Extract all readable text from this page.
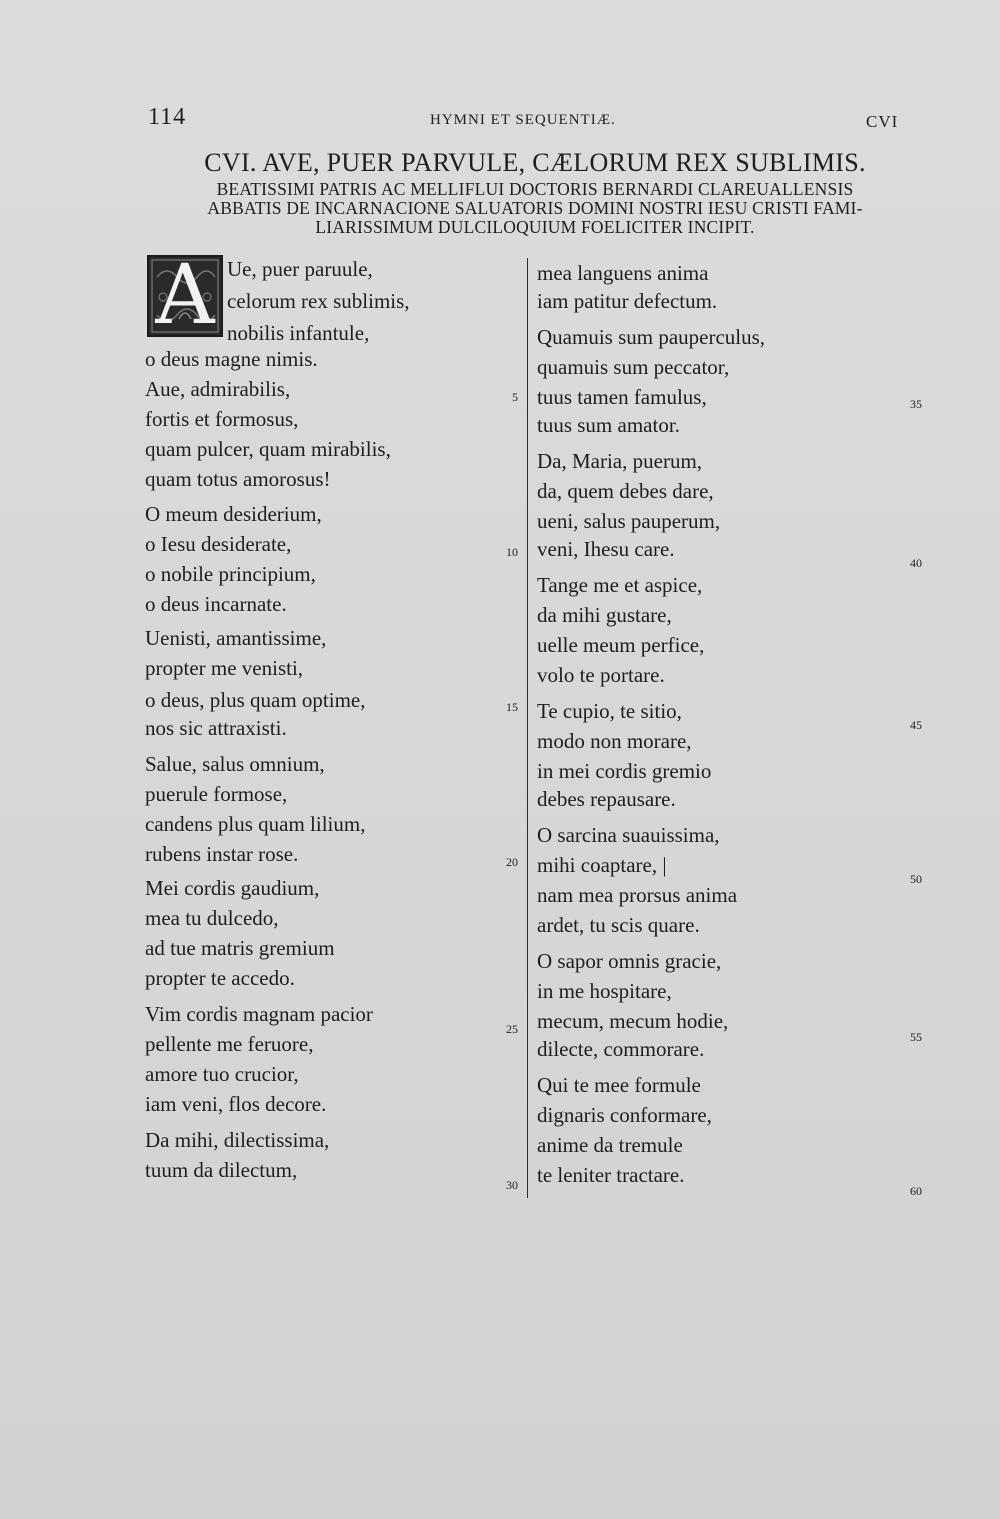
114	HYMNI ET SEQUENTIÆ.	CVI
CVI. AVE, PUER PARVULE, CÆLORUM REX SUBLIMIS.
BEATISSIMI PATRIS AC MELLIFLUI DOCTORIS BERNARDI CLAREUALLENSIS
ABBATIS DE INCARNACIONE SALUATORIS DOMINI NOSTRI IESU CRISTI FAMI-
LIARISSIMUM DULCILOQUIUM FOELICITER INCIPIT.
A Ue, puer paruule,
celorum rex sublimis,
nobilis infantule,
o deus magne nimis.
Aue, admirabilis,
fortis et formosus,
quam pulcer, quam mirabilis,
quam totus amorosus!
O meum desiderium,
o Iesu desiderate,
o nobile principium,
o deus incarnate.
Uenisti, amantissime,
propter me venisti,
o deus, plus quam optime,
nos sic attraxisti.
Salue, salus omnium,
puerule formose,
candens plus quam lilium,
rubens instar rose.
Mei cordis gaudium,
mea tu dulcedo,
ad tue matris gremium
propter te accedo.
Vim cordis magnam pacior
pellente me feruore,
amore tuo crucior,
iam veni, flos decore.
Da mihi, dilectissima,
tuum da dilectum,
mea languens anima
iam patitur defectum.
Quamuis sum pauperculus,
quamuis sum peccator,
tuus tamen famulus,
tuus sum amator.
Da, Maria, puerum,
da, quem debes dare,
ueni, salus pauperum,
veni, Ihesu care.
Tange me et aspice,
da mihi gustare,
uelle meum perfice,
volo te portare.
Te cupio, te sitio,
modo non morare,
in mei cordis gremio
debes repausare.
O sarcina suauissima,
mihi coaptare, |
nam mea prorsus anima
ardet, tu scis quare.
O sapor omnis gracie,
in me hospitare,
mecum, mecum hodie,
dilecte, commorare.
Qui te mee formule
dignaris conformare,
anime da tremule
te leniter tractare.
5
10
15
20
25
30
35
40
45
50
55
60
